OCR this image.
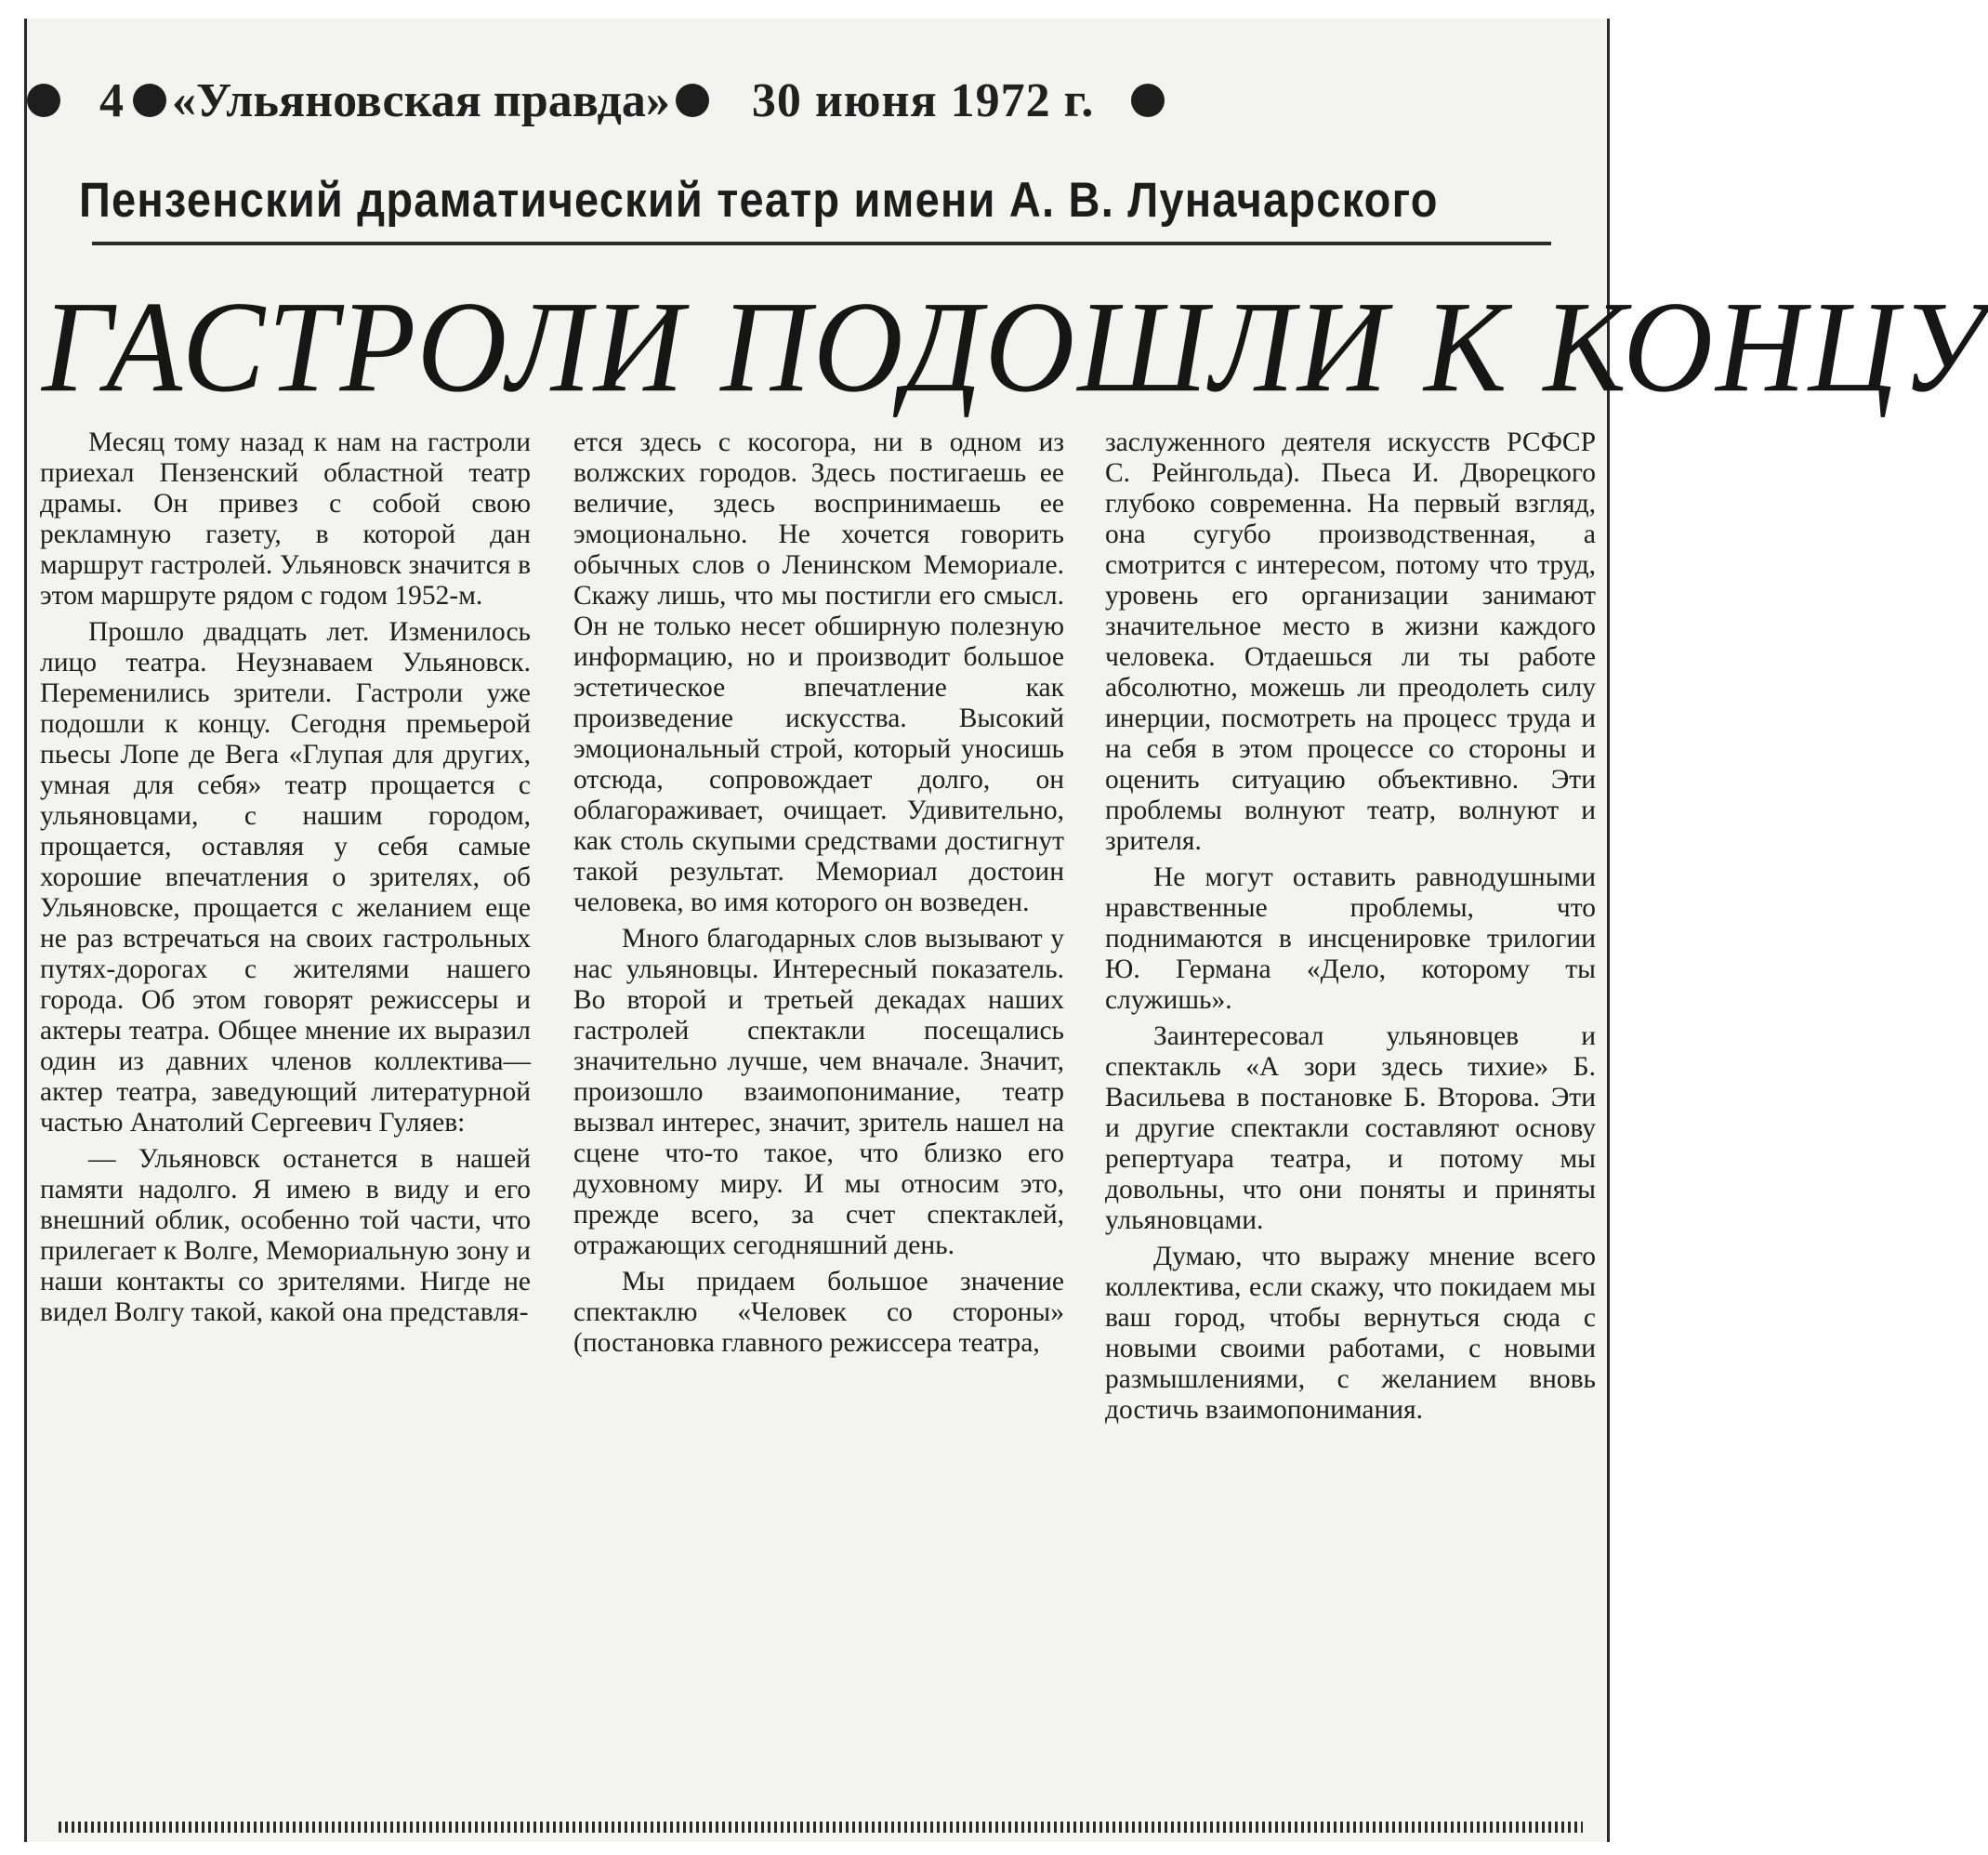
4 «Ульяновская правда» 30 июня 1972 г.
Пензенский драматический театр имени А. В. Луначарского
ГАСТРОЛИ ПОДОШЛИ К КОНЦУ

Месяц тому назад к нам на гастроли приехал Пензенский областной театр драмы. Он привез с собой свою рекламную газету, в которой дан маршрут гастролей. Ульяновск значится в этом маршруте рядом с годом 1952-м.

Прошло двадцать лет. Изменилось лицо театра. Неузнаваем Ульяновск. Переменились зрители. Гастроли уже подошли к концу. Сегодня премьерой пьесы Лопе де Вега «Глупая для других, умная для себя» театр прощается с ульяновцами, с нашим городом, прощается, оставляя у себя самые хорошие впечатления о зрителях, об Ульяновске, прощается с желанием еще не раз встречаться на своих гастрольных путях-дорогах с жителями нашего города. Об этом говорят режиссеры и актеры театра. Общее мнение их выразил один из давних членов коллектива— актер театра, заведующий литературной частью Анатолий Сергеевич Гуляев:

— Ульяновск останется в нашей памяти надолго. Я имею в виду и его внешний облик, особенно той части, что прилегает к Волге, Мемориальную зону и наши контакты со зрителями. Нигде не видел Волгу такой, какой она представля-

ется здесь с косогора, ни в одном из волжских городов. Здесь постигаешь ее величие, здесь воспринимаешь ее эмоционально. Не хочется говорить обычных слов о Ленинском Мемориале. Скажу лишь, что мы постигли его смысл. Он не только несет обширную полезную информацию, но и производит большое эстетическое впечатление как произведение искусства. Высокий эмоциональный строй, который уносишь отсюда, сопровождает долго, он облагораживает, очищает. Удивительно, как столь скупыми средствами достигнут такой результат. Мемориал достоин человека, во имя которого он возведен.

Много благодарных слов вызывают у нас ульяновцы. Интересный показатель. Во второй и третьей декадах наших гастролей спектакли посещались значительно лучше, чем вначале. Значит, произошло взаимопонимание, театр вызвал интерес, значит, зритель нашел на сцене что-то такое, что близко его духовному миру. И мы относим это, прежде всего, за счет спектаклей, отражающих сегодняшний день.

Мы придаем большое значение спектаклю «Человек со стороны» (постановка главного режиссера театра,

заслуженного деятеля искусств РСФСР С. Рейнгольда). Пьеса И. Дворецкого глубоко современна. На первый взгляд, она сугубо производственная, а смотрится с интересом, потому что труд, уровень его организации занимают значительное место в жизни каждого человека. Отдаешься ли ты работе абсолютно, можешь ли преодолеть силу инерции, посмотреть на процесс труда и на себя в этом процессе со стороны и оценить ситуацию объективно. Эти проблемы волнуют театр, волнуют и зрителя.

Не могут оставить равнодушными нравственные проблемы, что поднимаются в инсценировке трилогии Ю. Германа «Дело, которому ты служишь».

Заинтересовал ульяновцев и спектакль «А зори здесь тихие» Б. Васильева в постановке Б. Второва. Эти и другие спектакли составляют основу репертуара театра, и потому мы довольны, что они поняты и приняты ульяновцами.

Думаю, что выражу мнение всего коллектива, если скажу, что покидаем мы ваш город, чтобы вернуться сюда с новыми своими работами, с новыми размышлениями, с желанием вновь достичь взаимопонимания.
